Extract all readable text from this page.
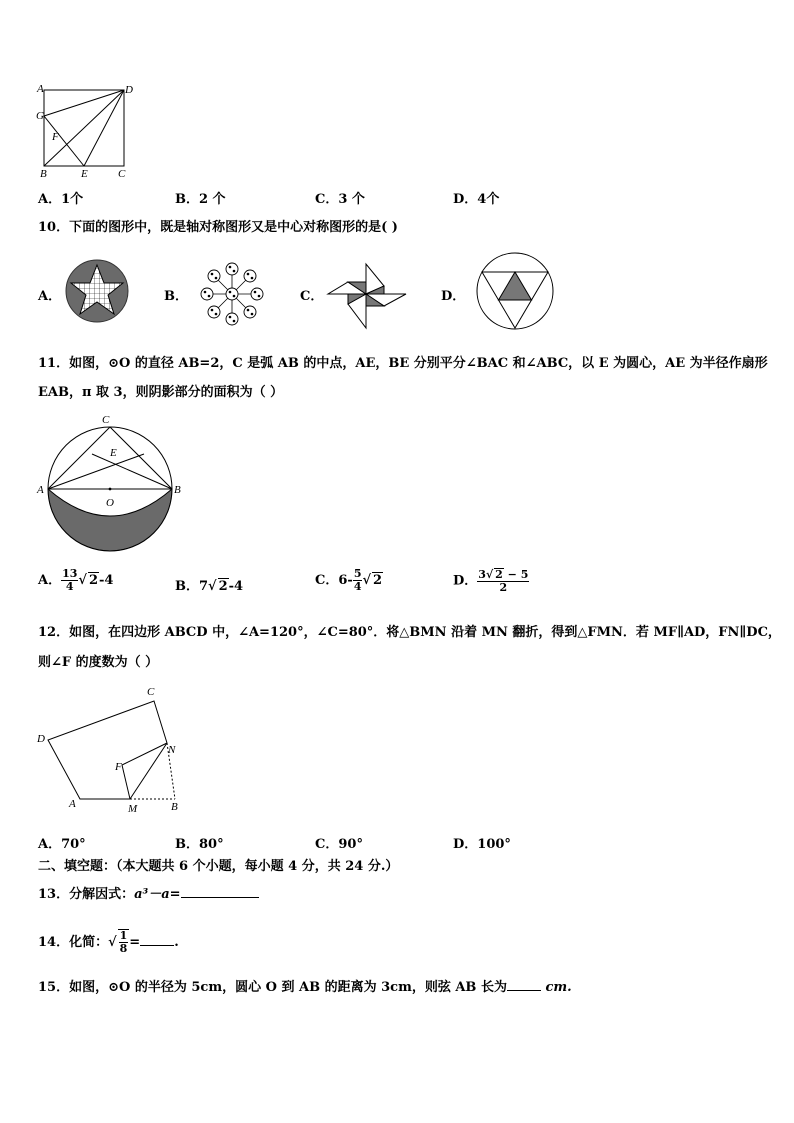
A	D
G
F
B	E	C
A．1个	B．2 个	C．3 个	D．4个
10．下面的图形中，既是轴对称图形又是中心对称图形的是( )
A．	B．	C．	D．
11．如图，⊙O 的直径 AB=2，C 是弧 AB 的中点，AE，BE 分别平分∠BAC 和∠ABC，以 E 为圆心，AE 为半径作扇形
EAB，π 取 3，则阴影部分的面积为（ ）
C
E
A
O
B
A． $\frac{13}{4}$ √ 2-4	B．7√ 2-4	C．$6- \frac{5}{4}$ √ 2	D． $\frac{3√ 2 - 5}{2}$
12．如图，在四边形 ABCD 中，∠A=120°，∠C=80°．将△BMN 沿着 MN 翻折，得到△FMN．若 MF∥AD，FN∥DC，
则∠F 的度数为（ ）
C
D
N
F
A	M	B
A．70°	B．80°	C．90°	D．100°
二、填空题：（本大题共 6 个小题，每小题 4 分，共 24 分.）
13．分解因式：a³－a=
14．化简：√ $\frac{1}{8}$ =	.
15．如图，⊙O 的半径为 5cm，圆心 O 到 AB 的距离为 3cm，则弦 AB 长为	cm.
